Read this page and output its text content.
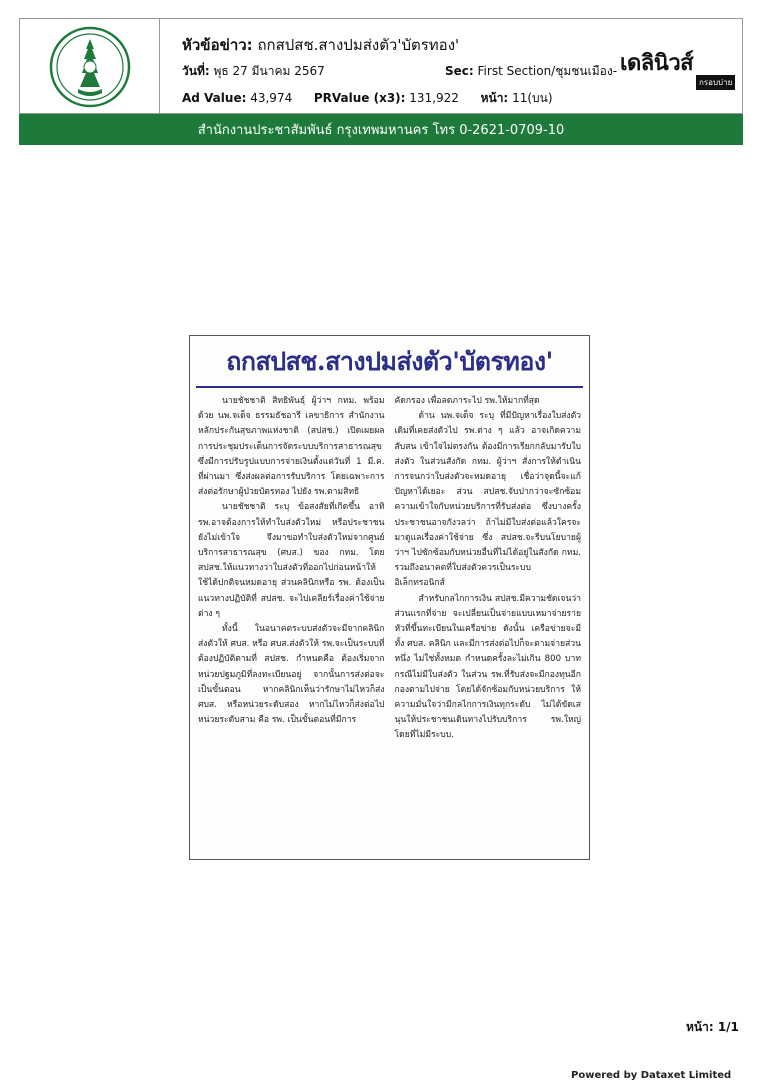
หัวข้อข่าว: ถกสปสช.สางปมส่งตัว'บัตรทอง'
วันที่: พุธ 27 มีนาคม 2567	Sec: First Section/ชุมชนเมือง-
Ad Value: 43,974 PRValue (x3): 131,922 หน้า: 11(บน)
เดลินิวส์
กรอบบ่าย
สำนักงานประชาสัมพันธ์ กรุงเทพมหานคร โทร 0-2621-0709-10
ถกสปสช.สางปมส่งตัว'บัตรทอง'

นายชัชชาติ สิทธิพันธุ์ ผู้ว่าฯ กทม. พร้อมด้วย นพ.จเด็จ ธรรมธัชอารี เลขาธิการ สำนักงานหลักประกันสุขภาพแห่งชาติ (สปสช.) เปิดเผยผลการประชุมประเด็นการจัดระบบบริการสาธารณสุข ซึ่งมีการปรับรูปแบบการจ่ายเงินตั้งแต่วันที่ 1 มี.ค. ที่ผ่านมา ซึ่งส่งผลต่อการรับบริการ โดยเฉพาะการส่งต่อรักษาผู้ป่วยบัตรทอง ไปยัง รพ.ตามสิทธิ

นายชัชชาติ ระบุ ข้อสงสัยที่เกิดขึ้น อาทิ รพ.อาจต้องการให้ทำใบส่งตัวใหม่ หรือประชาชนยังไม่เข้าใจ จึงมาขอทำใบส่งตัวใหม่จากศูนย์บริการสาธารณสุข (ศบส.) ของ กทม. โดย สปสช.ให้แนวทางว่าใบส่งตัวที่ออกไปก่อนหน้าให้ใช้ได้ปกติจนหมดอายุ ส่วนคลินิกหรือ รพ. ต้องเป็นแนวทางปฏิบัติที่ สปสช. จะไปเคลียร์เรื่องค่าใช้จ่ายต่าง ๆ

ทั้งนี้ ในอนาคตระบบส่งตัวจะมีจากคลินิกส่งตัวให้ ศบส. หรือ ศบส.ส่งตัวให้ รพ.จะเป็นระบบที่ต้องปฏิบัติตามที่ สปสช. กำหนดคือ ต้องเริ่มจากหน่วยปฐมภูมิที่ลงทะเบียนอยู่ จากนั้นการส่งต่อจะเป็นขั้นตอน หากคลินิกเห็นว่ารักษาไม่ไหวก็ส่ง ศบส. หรือหน่วยระดับสอง หากไม่ไหวก็ส่งต่อไปหน่วยระดับสาม คือ รพ. เป็นขั้นตอนที่มีการ

คัดกรอง เพื่อลดภาระไป รพ.ให้มากที่สุด

ด้าน นพ.จเด็จ ระบุ ที่มีปัญหาเรื่องใบส่งตัวเดิมที่เคยส่งตัวไป รพ.ต่าง ๆ แล้ว อาจเกิดความสับสน เข้าใจไม่ตรงกัน ต้องมีการเรียกกลับมารับใบส่งตัว ในส่วนสังกัด กทม. ผู้ว่าฯ สั่งการให้ดำเนินการจนกว่าใบส่งตัวจะหมดอายุ เชื่อว่าจุดนี้จะแก้ปัญหาได้เยอะ ส่วน สปสช.จับปากว่าจะซักซ้อมความเข้าใจกับหน่วยบริการที่รับส่งต่อ ซึ่งบางครั้งประชาชนอาจกังวลว่า ถ้าไม่มีใบส่งต่อแล้วใครจะมาดูแลเรื่องค่าใช้จ่าย ซึ่ง สปสช.จะรีบนโยบายผู้ว่าฯ ไปซักซ้อมกับหน่วยอื่นที่ไม่ได้อยู่ในสังกัด กทม. รวมถึงอนาคตที่ใบส่งตัวควรเป็นระบบอิเล็กทรอนิกส์

สำหรับกลไกการเงิน สปสช.มีความชัดเจนว่าส่วนแรกที่จ่าย จะเปลี่ยนเป็นจ่ายแบบเหมาจ่ายรายหัวที่ขึ้นทะเบียนในเครือข่าย ดังนั้น เครือข่ายจะมีทั้ง ศบส. คลินิก และมีการส่งต่อไปก็จะตามจ่ายส่วนหนึ่ง ไม่ใช่ทั้งหมด กำหนดครั้งละไม่เกิน 800 บาท กรณีไม่มีใบส่งตัว ในส่วน รพ.ที่รับส่งจะมีกองทุนอีกกองตามไปจ่าย โดยได้จักซ้อมกับหน่วยบริการ ให้ความมั่นใจว่ามีกลไกการเงินทุกระดับ ไม่ได้ขัดเสนุนให้ประชาชนเดินทางไปรับบริการ รพ.ใหญ่ โดยที่ไม่มีระบบ.

หน้า: 1/1
Powered by Dataxet Limited
